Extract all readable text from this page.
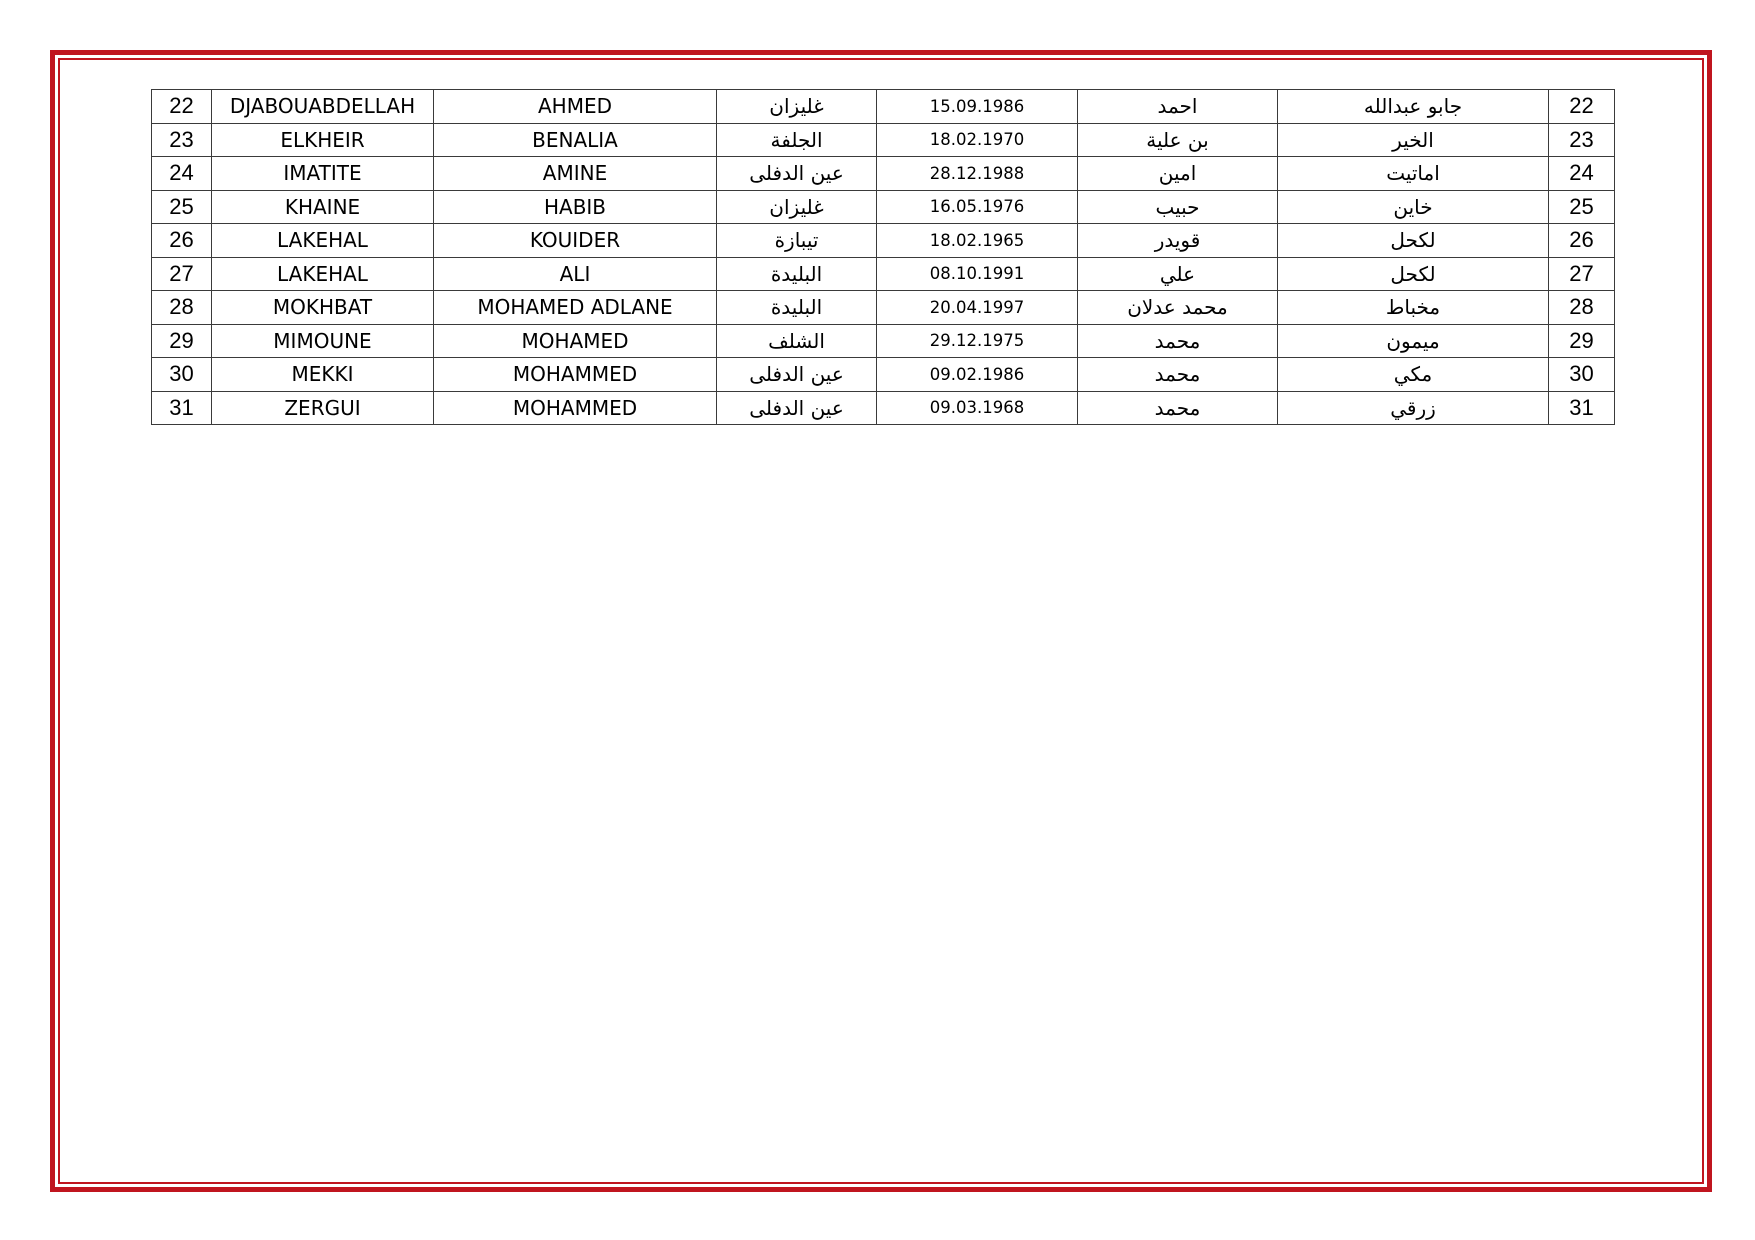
22	DJABOUABDELLAH	AHMED	غليزان	15.09.1986	احمد	جابو عبدالله	22
23	ELKHEIR	BENALIA	الجلفة	18.02.1970	بن علية	الخير	23
24	IMATITE	AMINE	عين الدفلى	28.12.1988	امين	اماتيت	24
25	KHAINE	HABIB	غليزان	16.05.1976	حبيب	خاين	25
26	LAKEHAL	KOUIDER	تيبازة	18.02.1965	قويدر	لكحل	26
27	LAKEHAL	ALI	البليدة	08.10.1991	علي	لكحل	27
28	MOKHBAT	MOHAMED ADLANE	البليدة	20.04.1997	محمد عدلان	مخباط	28
29	MIMOUNE	MOHAMED	الشلف	29.12.1975	محمد	ميمون	29
30	MEKKI	MOHAMMED	عين الدفلى	09.02.1986	محمد	مكي	30
31	ZERGUI	MOHAMMED	عين الدفلى	09.03.1968	محمد	زرقي	31
